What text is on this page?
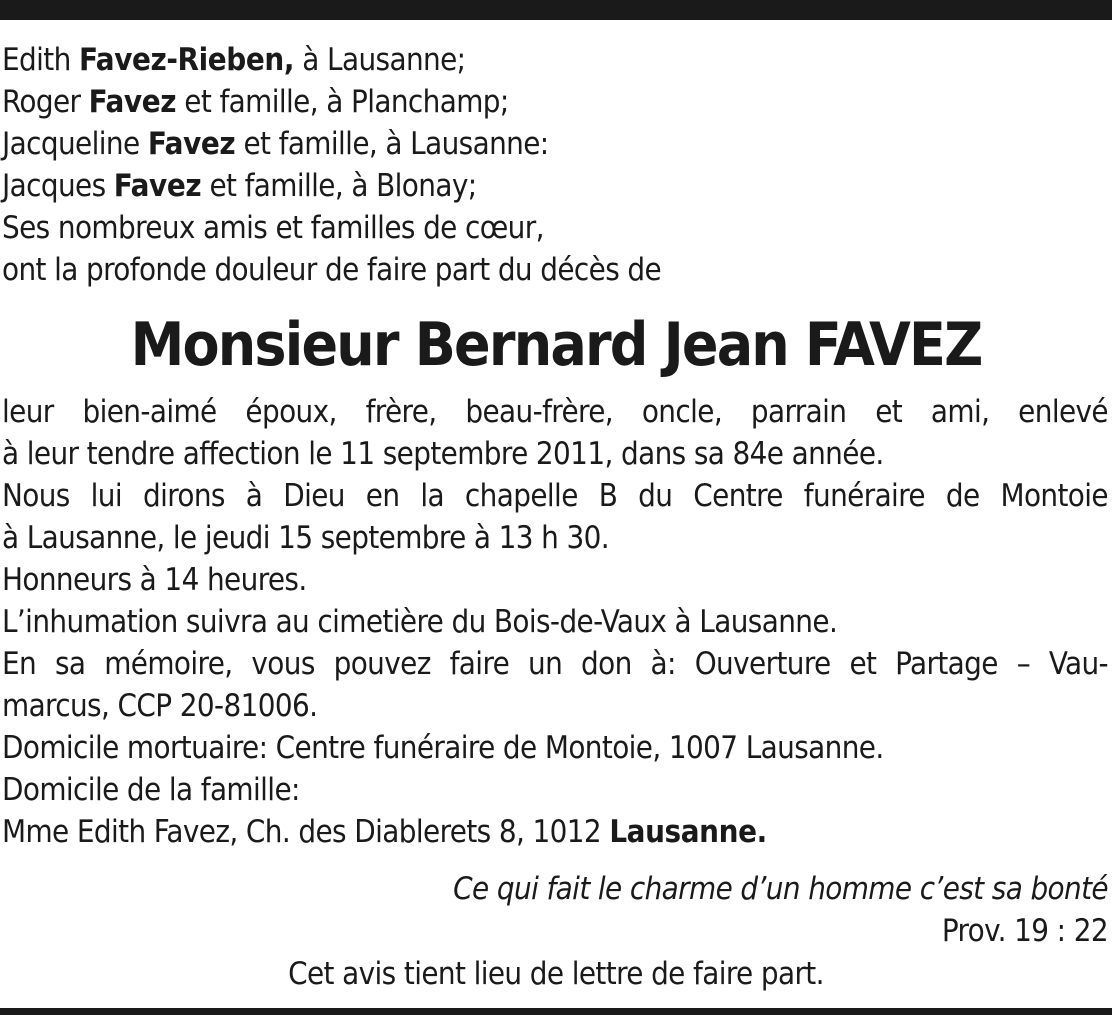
Edith Favez-Rieben, à Lausanne;
Roger Favez et famille, à Planchamp;
Jacqueline Favez et famille, à Lausanne:
Jacques Favez et famille, à Blonay;
Ses nombreux amis et familles de cœur,
ont la profonde douleur de faire part du décès de
Monsieur Bernard Jean FAVEZ
leur bien-aimé époux, frère, beau-frère, oncle, parrain et ami, enlevé
à leur tendre affection le 11 septembre 2011, dans sa 84e année.
Nous lui dirons à Dieu en la chapelle B du Centre funéraire de Montoie
à Lausanne, le jeudi 15 septembre à 13 h 30.
Honneurs à 14 heures.
L’inhumation suivra au cimetière du Bois-de-Vaux à Lausanne.
En sa mémoire, vous pouvez faire un don à: Ouverture et Partage – Vau-
marcus, CCP 20-81006.
Domicile mortuaire: Centre funéraire de Montoie, 1007 Lausanne.
Domicile de la famille:
Mme Edith Favez, Ch. des Diablerets 8, 1012 Lausanne.
Ce qui fait le charme d’un homme c’est sa bonté
Prov. 19 : 22
Cet avis tient lieu de lettre de faire part.
